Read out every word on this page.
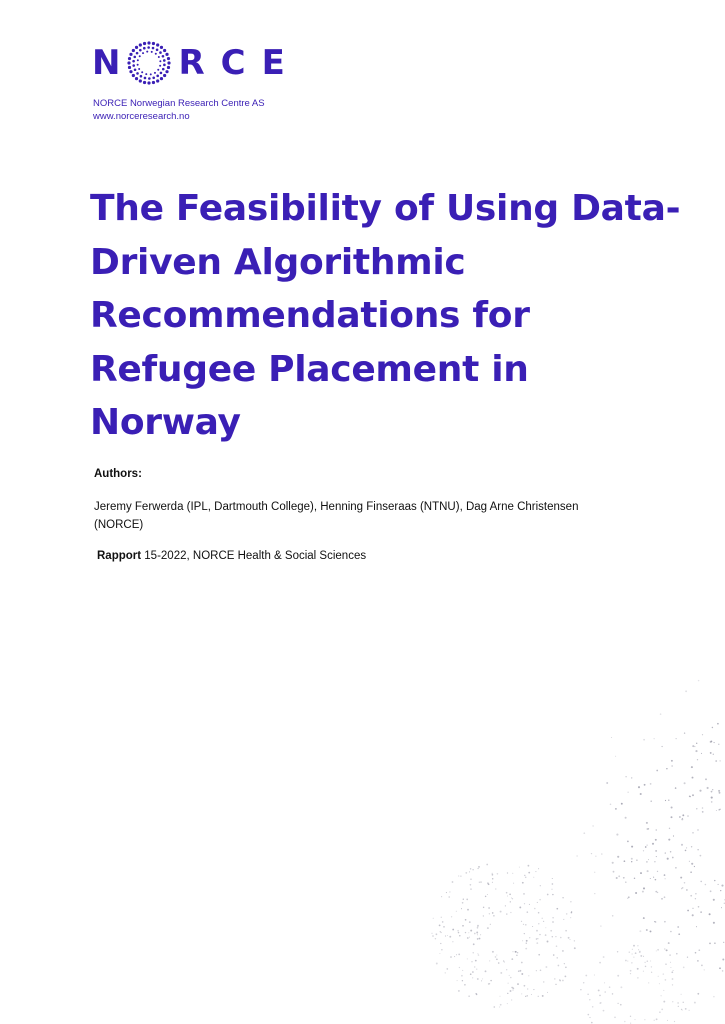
N R C E
NORCE Norwegian Research Centre AS
www.norceresearch.no
The Feasibility of Using Data-
Driven Algorithmic
Recommendations for
Refugee Placement in
Norway
Authors:
Jeremy Ferwerda (IPL, Dartmouth College), Henning Finseraas (NTNU), Dag Arne Christensen
(NORCE)
Rapport 15-2022, NORCE Health & Social Sciences
